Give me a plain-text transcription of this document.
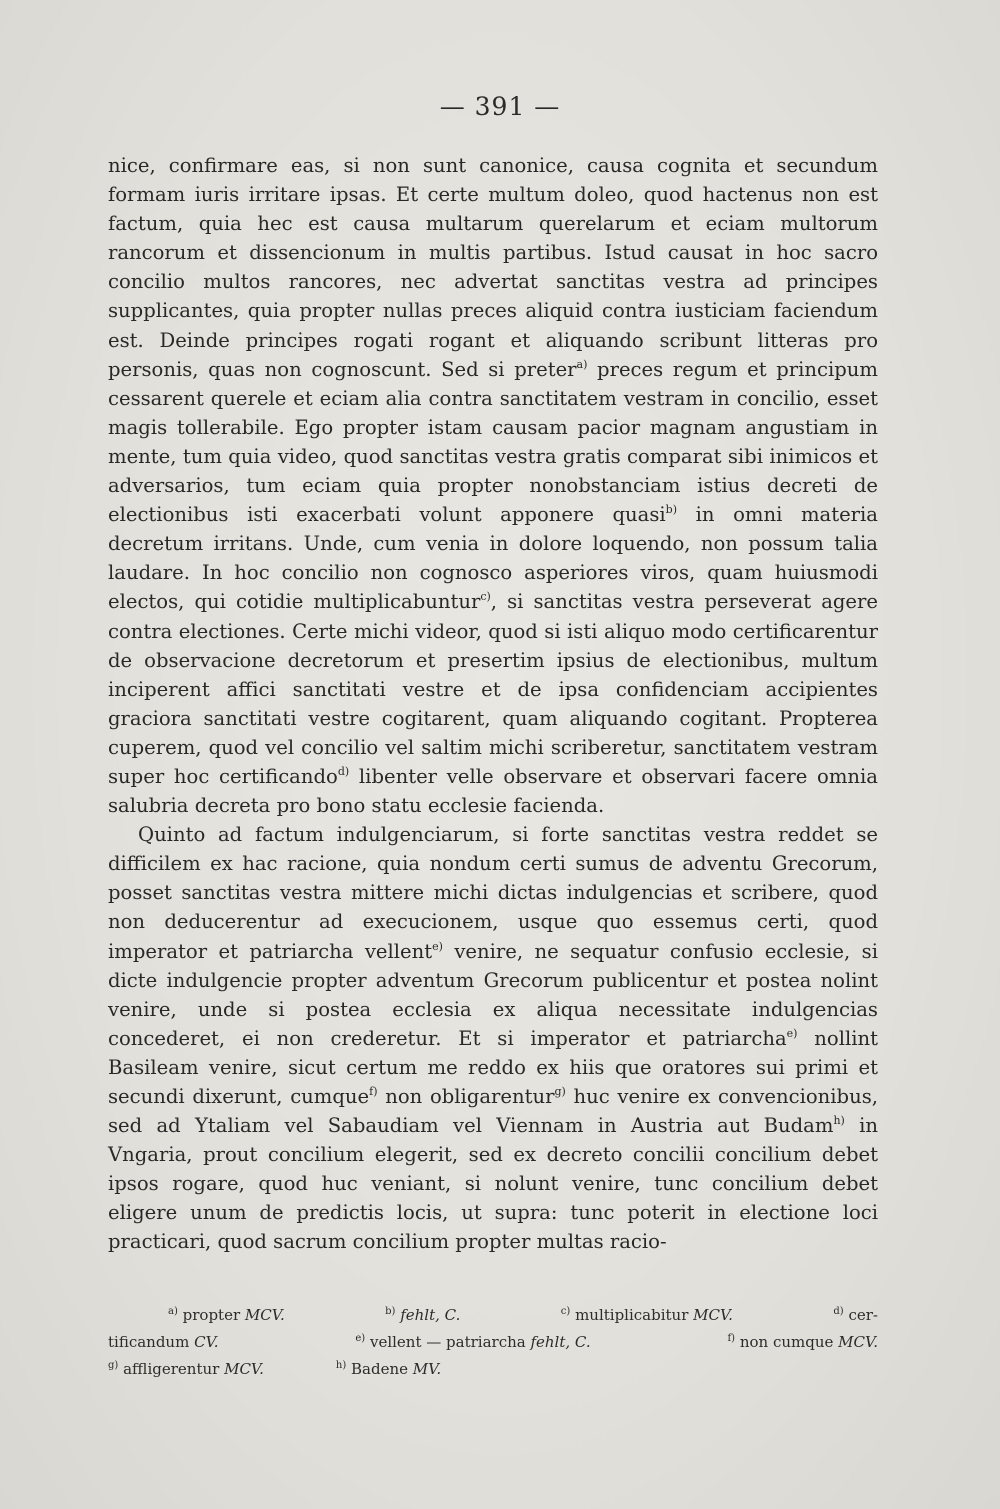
— 391 —

nice, confirmare eas, si non sunt canonice, causa cognita et secundum formam iuris irritare ipsas. Et certe multum doleo, quod hactenus non est factum, quia hec est causa multarum querelarum et eciam multorum rancorum et dissencionum in multis partibus. Istud causat in hoc sacro concilio multos rancores, nec advertat sanctitas vestra ad principes supplicantes, quia propter nullas preces aliquid contra iusticiam faciendum est. Deinde principes rogati rogant et aliquando scribunt litteras pro personis, quas non cognoscunt. Sed si preter$^{a)}$ preces regum et principum cessarent querele et eciam alia contra sanctitatem vestram in concilio, esset magis tollerabile. Ego propter istam causam pacior magnam angustiam in mente, tum quia video, quod sanctitas vestra gratis comparat sibi inimicos et adversarios, tum eciam quia propter nonobstanciam istius decreti de electionibus isti exacerbati volunt apponere quasi$^{b)}$ in omni materia decretum irritans. Unde, cum venia in dolore loquendo, non possum talia laudare. In hoc concilio non cognosco asperiores viros, quam huiusmodi electos, qui cotidie multiplicabuntur$^{c)}$, si sanctitas vestra perseverat agere contra electiones. Certe michi videor, quod si isti aliquo modo certificarentur de observacione decretorum et presertim ipsius de electionibus, multum inciperent affici sanctitati vestre et de ipsa confidenciam accipientes graciora sanctitati vestre cogitarent, quam aliquando cogitant. Propterea cuperem, quod vel concilio vel saltim michi scriberetur, sanctitatem vestram super hoc certificando$^{d)}$ libenter velle observare et observari facere omnia salubria decreta pro bono statu ecclesie facienda.

Quinto ad factum indulgenciarum, si forte sanctitas vestra reddet se difficilem ex hac racione, quia nondum certi sumus de adventu Grecorum, posset sanctitas vestra mittere michi dictas indulgencias et scribere, quod non deducerentur ad execucionem, usque quo essemus certi, quod imperator et patriarcha vellent$^{e)}$ venire, ne sequatur confusio ecclesie, si dicte indulgencie propter adventum Grecorum publicentur et postea nolint venire, unde si postea ecclesia ex aliqua necessitate indulgencias concederet, ei non crederetur. Et si imperator et patriarcha$^{e)}$ nollint Basileam venire, sicut certum me reddo ex hiis que oratores sui primi et secundi dixerunt, cumque$^{f)}$ non obligarentur$^{g)}$ huc venire ex convencionibus, sed ad Ytaliam vel Sabaudiam vel Viennam in Austria aut Budam$^{h)}$ in Vngaria, prout concilium elegerit, sed ex decreto concilii concilium debet ipsos rogare, quod huc veniant, si nolunt venire, tunc concilium debet eligere unum de predictis locis, ut supra: tunc poterit in electione loci practicari, quod sacrum concilium propter multas racio-

$^{a)}$ propter MCV.	$^{b)}$ fehlt, C.	$^{c)}$ multiplicabitur MCV.	$^{d)}$ cer-
tificandum CV.	$^{e)}$ vellent — patriarcha fehlt, C.	$^{f)}$ non cumque MCV.
$^{g)}$ affligerentur MCV.	$^{h)}$ Badene MV.
